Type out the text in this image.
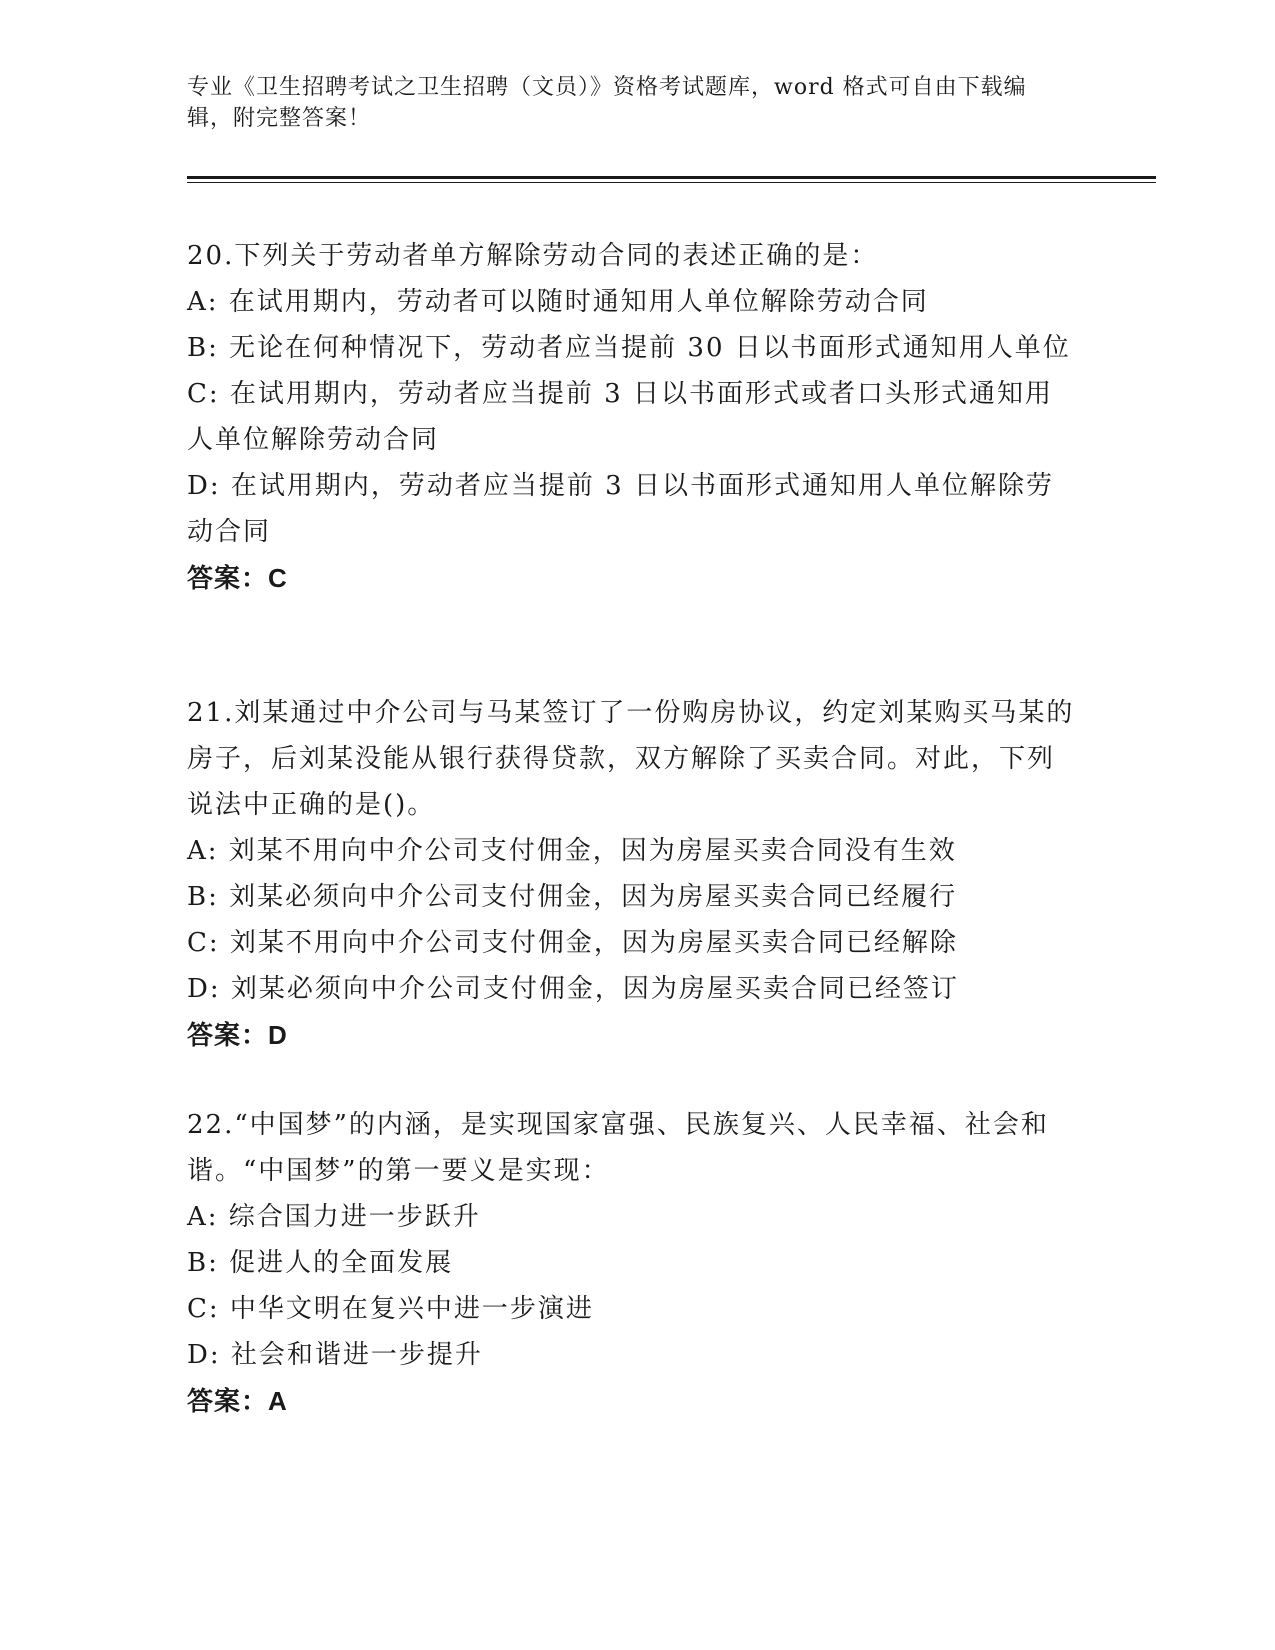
专业《卫生招聘考试之卫生招聘（文员）》资格考试题库，word 格式可自由下载编辑，附完整答案！
20.下列关于劳动者单方解除劳动合同的表述正确的是：
A: 在试用期内，劳动者可以随时通知用人单位解除劳动合同
B: 无论在何种情况下，劳动者应当提前 30 日以书面形式通知用人单位
C: 在试用期内，劳动者应当提前 3 日以书面形式或者口头形式通知用人单位解除劳动合同
D: 在试用期内，劳动者应当提前 3 日以书面形式通知用人单位解除劳动合同
答案：C
21.刘某通过中介公司与马某签订了一份购房协议，约定刘某购买马某的房子，后刘某没能从银行获得贷款，双方解除了买卖合同。对此，下列说法中正确的是()。
A: 刘某不用向中介公司支付佣金，因为房屋买卖合同没有生效
B: 刘某必须向中介公司支付佣金，因为房屋买卖合同已经履行
C: 刘某不用向中介公司支付佣金，因为房屋买卖合同已经解除
D: 刘某必须向中介公司支付佣金，因为房屋买卖合同已经签订
答案：D
22.“中国梦”的内涵，是实现国家富强、民族复兴、人民幸福、社会和谐。“中国梦”的第一要义是实现：
A: 综合国力进一步跃升
B: 促进人的全面发展
C: 中华文明在复兴中进一步演进
D: 社会和谐进一步提升
答案：A
